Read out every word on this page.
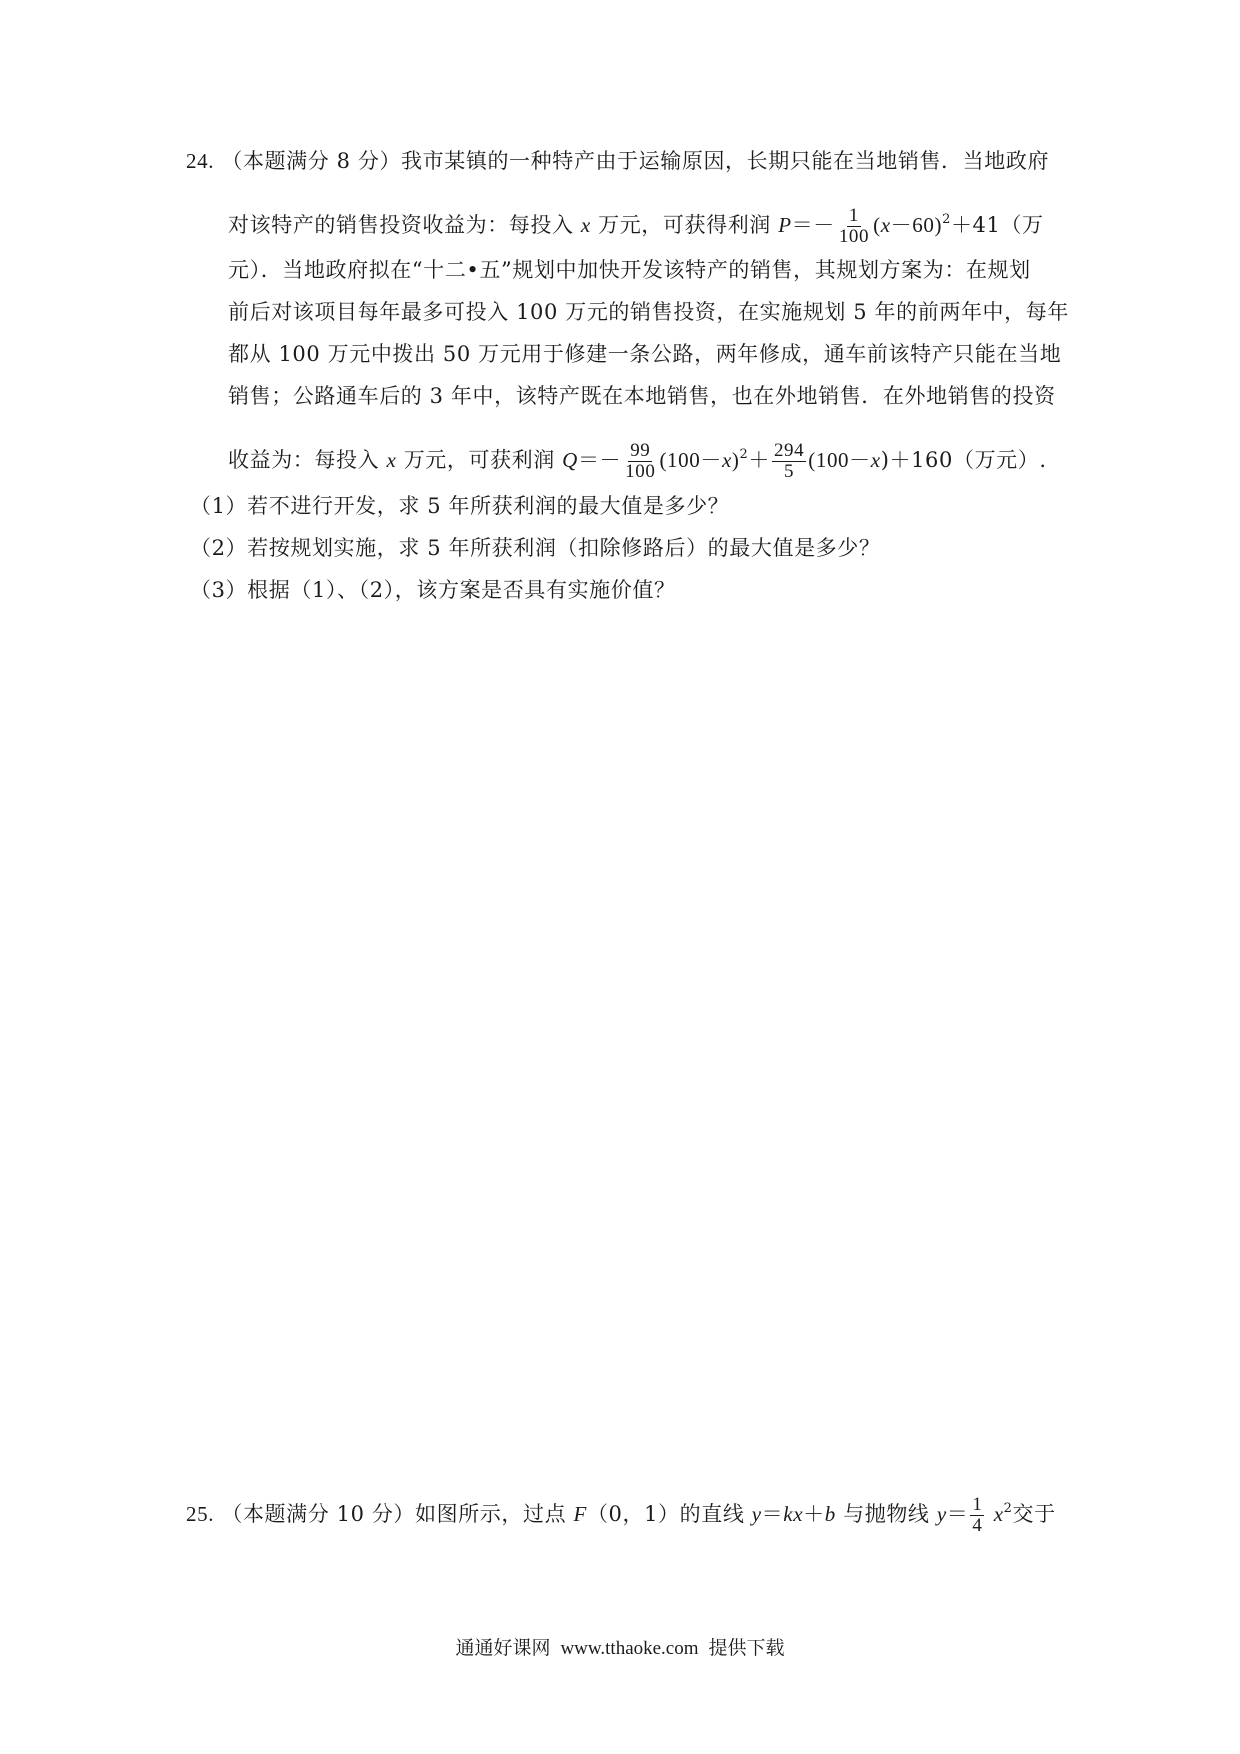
24. （本题满分 8 分）我市某镇的一种特产由于运输原因，长期只能在当地销售．当地政府
对该特产的销售投资收益为：每投入 x 万元，可获得利润 $P=- \frac{1}{100} (x-60)^2+41$（万
元）．当地政府拟在“十二•五”规划中加快开发该特产的销售，其规划方案为：在规划
前后对该项目每年最多可投入 100 万元的销售投资，在实施规划 5 年的前两年中，每年
都从 100 万元中拨出 50 万元用于修建一条公路，两年修成，通车前该特产只能在当地
销售；公路通车后的 3 年中，该特产既在本地销售，也在外地销售．在外地销售的投资
收益为：每投入 x 万元，可获利润 $Q=- \frac{99}{100} (100-x)^2+ \frac{294}{5} (100-x)+160$（万元）.
（1）若不进行开发，求 5 年所获利润的最大值是多少？
（2）若按规划实施，求 5 年所获利润（扣除修路后）的最大值是多少？
（3）根据（1）、（2），该方案是否具有实施价值？
25. （本题满分 10 分）如图所示，过点 F（0，1）的直线 y＝kx＋b 与抛物线 $y= \frac{1}{4} x^2$交于
通通好课网 www.tthaoke.com 提供下载
